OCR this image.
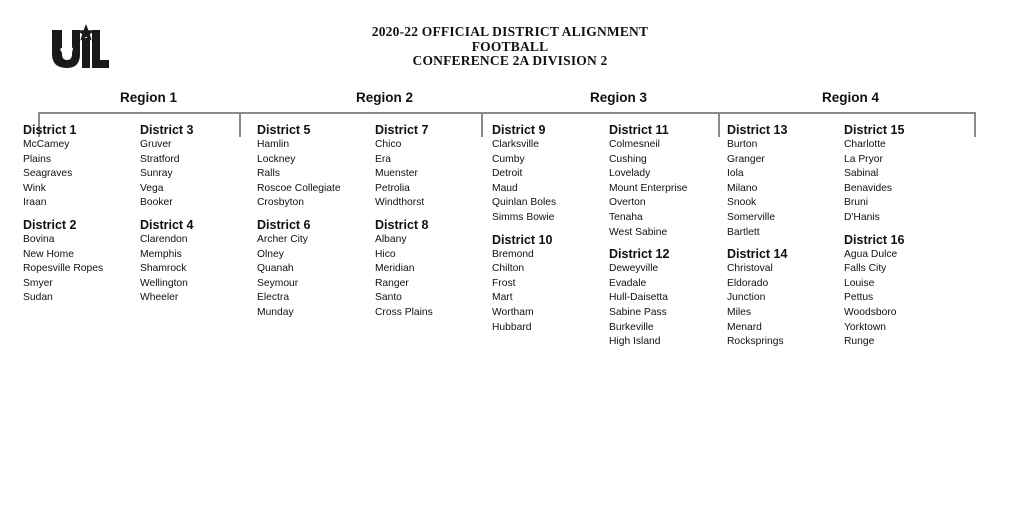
2020-22 OFFICIAL DISTRICT ALIGNMENT
FOOTBALL
CONFERENCE 2A DIVISION 2
Region 1	Region 2	Region 3	Region 4
District 1
McCamey
Plains
Seagraves
Wink
Iraan
District 2
Bovina
New Home
Ropesville Ropes
Smyer
Sudan
District 3
Gruver
Stratford
Sunray
Vega
Booker
District 4
Clarendon
Memphis
Shamrock
Wellington
Wheeler
District 5
Hamlin
Lockney
Ralls
Roscoe Collegiate
Crosbyton
District 6
Archer City
Olney
Quanah
Seymour
Electra
Munday
District 7
Chico
Era
Muenster
Petrolia
Windthorst
District 8
Albany
Hico
Meridian
Ranger
Santo
Cross Plains
District 9
Clarksville
Cumby
Detroit
Maud
Quinlan Boles
Simms Bowie
District 10
Bremond
Chilton
Frost
Mart
Wortham
Hubbard
District 11
Colmesneil
Cushing
Lovelady
Mount Enterprise
Overton
Tenaha
West Sabine
District 12
Deweyville
Evadale
Hull-Daisetta
Sabine Pass
Burkeville
High Island
District 13
Burton
Granger
Iola
Milano
Snook
Somerville
Bartlett
District 14
Christoval
Eldorado
Junction
Miles
Menard
Rocksprings
District 15
Charlotte
La Pryor
Sabinal
Benavides
Bruni
D'Hanis
District 16
Agua Dulce
Falls City
Louise
Pettus
Woodsboro
Yorktown
Runge
